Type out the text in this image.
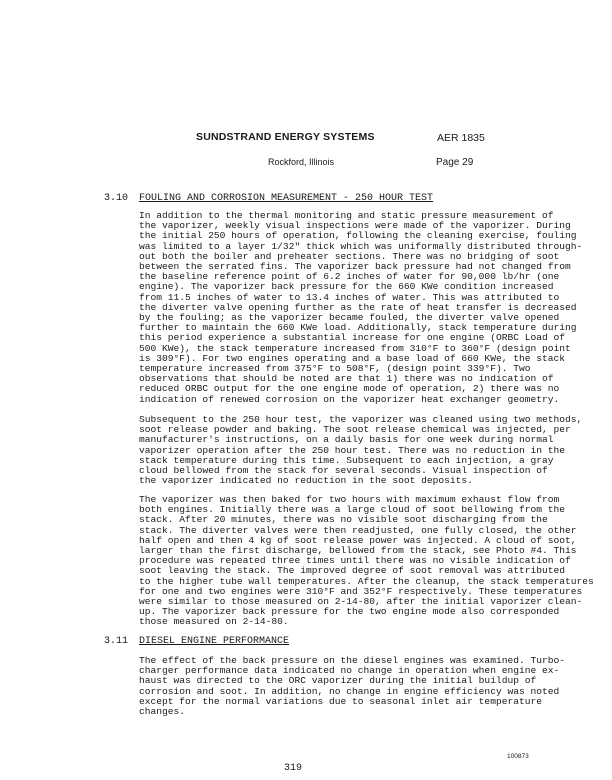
SUNDSTRAND ENERGY SYSTEMS
Rockford, Illinois
AER 1835
Page 29
3.10 FOULING AND CORROSION MEASUREMENT - 250 HOUR TEST
In addition to the thermal monitoring and static pressure measurement of
the vaporizer, weekly visual inspections were made of the vaporizer. During
the initial 250 hours of operation, following the cleaning exercise, fouling
was limited to a layer 1/32" thick which was uniformally distributed through-
out both the boiler and preheater sections. There was no bridging of soot
between the serrated fins. The vaporizer back pressure had not changed from
the baseline reference point of 6.2 inches of water for 90,000 lb/hr (one
engine). The vaporizer back pressure for the 660 KWe condition increased
from 11.5 inches of water to 13.4 inches of water. This was attributed to
the diverter valve opening further as the rate of heat transfer is decreased
by the fouling; as the vaporizer became fouled, the diverter valve opened
further to maintain the 660 KWe load. Additionally, stack temperature during
this period experience a substantial increase for one engine (ORBC Load of
500 KWe), the stack temperature increased from 310°F to 360°F (design point
is 309°F). For two engines operating and a base load of 660 KWe, the stack
temperature increased from 375°F to 508°F, (design point 339°F). Two
observations that should be noted are that 1) there was no indication of
reduced ORBC output for the one engine mode of operation, 2) there was no
indication of renewed corrosion on the vaporizer heat exchanger geometry.
Subsequent to the 250 hour test, the vaporizer was cleaned using two methods,
soot release powder and baking. The soot release chemical was injected, per
manufacturer's instructions, on a daily basis for one week during normal
vaporizer operation after the 250 hour test. There was no reduction in the
stack temperature during this time. Subsequent to each injection, a gray
cloud bellowed from the stack for several seconds. Visual inspection of
the vaporizer indicated no reduction in the soot deposits.
The vaporizer was then baked for two hours with maximum exhaust flow from
both engines. Initially there was a large cloud of soot bellowing from the
stack. After 20 minutes, there was no visible soot discharging from the
stack. The diverter valves were then readjusted, one fully closed, the other
half open and then 4 kg of soot release power was injected. A cloud of soot,
larger than the first discharge, bellowed from the stack, see Photo #4. This
procedure was repeated three times until there was no visible indication of
soot leaving the stack. The improved degree of soot removal was attributed
to the higher tube wall temperatures. After the cleanup, the stack temperatures
for one and two engines were 310°F and 352°F respectively. These temperatures
were similar to those measured on 2-14-80, after the initial vaporizer clean-
up. The vaporizer back pressure for the two engine mode also corresponded
those measured on 2-14-80.
3.11 DIESEL ENGINE PERFORMANCE
The effect of the back pressure on the diesel engines was examined. Turbo-
charger performance data indicated no change in operation when engine ex-
haust was directed to the ORC vaporizer during the initial buildup of
corrosion and soot. In addition, no change in engine efficiency was noted
except for the normal variations due to seasonal inlet air temperature
changes.
319
100873
